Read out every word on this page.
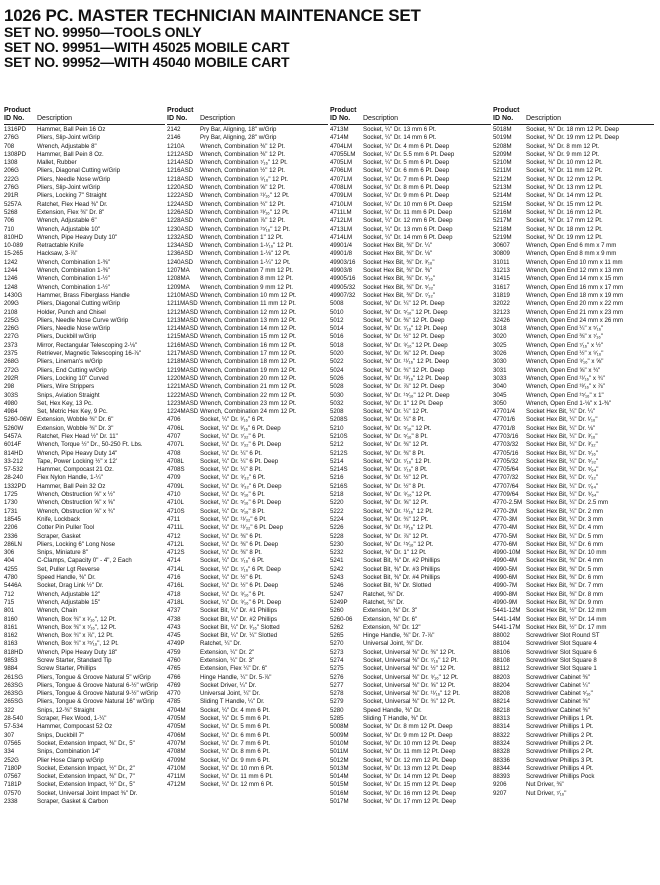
1026 PC. MASTER TECHNICIAN MAINTENANCE SET
SET NO. 99950—TOOLS ONLY
SET NO. 99951—WITH 45025 MOBILE CART
SET NO. 99952—WITH 45040 MOBILE CART
Product ID No.	Description
1316PD	Hammer, Ball Pein 16 Oz
276G	Pliers, Slip-Joint w/Grip
708	Wrench, Adjustable 8"
1308PD	Hammer, Ball Pein 8 Oz.
1308	Mallet, Rubber
206G	Pliers, Diagonal Cutting w/Grip
222G	Pliers, Needle Nose w/Grip
276G	Pliers, Slip-Joint w/Grip
291R	Pliers, Locking 7" Straight
5257A	Ratchet, Flex Head ⅜" Dr.
5268	Extension, Flex ⅜" Dr. 8"
706	Wrench, Adjustable 6"
710	Wrench, Adjustable 10"
810HD	Wrench, Pipe Heavy Duty 10"
10-089	Retractable Knife
15-265	Hacksaw, 3-⅞"
1242	Wrench, Combination 1-⅜"
1244	Wrench, Combination 1-⅜"
1246	Wrench, Combination 1-½"
1248	Wrench, Combination 1-½"
1430G	Hammer, Brass Fiberglass Handle
209G	Pliers, Diagonal Cutting w/Grip
2108	Holder, Punch and Chisel
225G	Pliers, Needle Nose Curve w/Grip
226G	Pliers, Needle Nose w/Grip
227G	Pliers, Duckbill w/Grip
2373	Mirror, Rectangular Telescoping 2-⅛"
2375	Retriever, Magnetic Telescoping 16-⅞"
268G	Pliers, Lineman's w/Grip
272G	Pliers, End Cutting w/Grip
292R	Pliers, Locking 10" Curved
298	Pliers, Wire Strippers
303S	Snips, Aviation Straight
4980	Set, Hex Key, 13 Pc.
4984	Set, Metric Hex Key, 9 Pc.
5260-06W Extension, Wobble ⅜" Dr. 6"
5260W	Extension, Wobble ⅜" Dr. 3"
5457A	Ratchet, Flex Head ½" Dr. 11"
6014F	Wrench, Torque ½" Dr., 50-250 Ft. Lbs.
814HD	Wrench, Pipe Heavy Duty 14"
33-212	Tape, Power Locking ½" x 12'
57-532	Hammer, Compocast 21 Oz.
28-240	Flex Nylon Handle, 1-¼"
1332PD	Hammer, Ball Pein 32 Oz
1725	Wrench, Obstruction ⅝" x ½"
1730	Wrench, Obstruction ⅝" x ⅝"
1731	Wrench, Obstruction ⅝" x ¾"
18545	Knife, Lockback
2206	Cotter Pin Puller Tool
2336	Scraper, Gasket
286LN	Pliers, Locking 6" Long Nose
306	Snips, Miniature 8"
404	C-Clamps, Capacity 0" - 4", 2 Each
4255	Set, Puller Lgt Reverse
4780	Speed Handle, ⅜" Dr.
5446A	Socket, Drag Link ½" Dr.
712	Wrench, Adjustable 12"
715	Wrench, Adjustable 15"
801	Wrench, Chain
8160	Wrench, Box ⅜" x ¹⁄₁₆", 12 Pt.
8161	Wrench, Box ⅜" x ⁷⁄₁₆", 12 Pt.
8162	Wrench, Box ¾" x ⅞", 12 Pt.
8163	Wrench, Box ¾" x ¹⁵⁄₁₆", 12 Pt.
818HD	Wrench, Pipe Heavy Duty 18"
9853	Screw Starter, Standard Tip
9884	Screw Starter, Phillips
261SG	Pliers, Tongue & Groove Natural 5" w/Grip
263SG	Pliers, Tongue & Groove Natural 6-½" w/Grip
263SG	Pliers, Tongue & Groove Natural 9-½" w/Grip
265SG	Pliers, Tongue & Groove Natural 16" w/Grip
322	Snips, 12-⅜" Straight
28-540	Scraper, Flex Wood, 1-¼"
57-534	Hammer, Compocast 52 Oz
307	Snips, Duckbill 7"
07565	Socket, Extension Impact, ⅜" Dr., 5"
334	Snips, Combination 14"
252G	Plier Hose Clamp w/Grip
7180P	Socket, Extension Impact, ½" Dr., 2"
07567	Socket, Extension Impact, ⅜" Dr., 7"
7181P	Socket, Extension Impact, ½" Dr., 5"
07570	Socket, Universal Joint Impact ⅜" Dr.
2338	Scraper, Gasket & Carbon
Product ID No.	Description
2142	Pry Bar, Aligning, 18" w/Grip
2146	Pry Bar, Aligning, 28" w/Grip
1210A	Wrench, Combination ⅜" 12 Pt.
1212ASD	Wrench, Combination ⅜" 12 Pt.
1214ASD	Wrench, Combination ⁷⁄₁₆" 12 Pt.
1216ASD	Wrench, Combination ½" 12 Pt.
1218ASD	Wrench, Combination ⁹⁄₁₆" 12 Pt.
1220ASD	Wrench, Combination ⅝" 12 Pt.
1222ASD	Wrench, Combination ¹¹⁄₁₆" 12 Pt.
1224ASD	Wrench, Combination ¾" 12 Pt.
1226ASD	Wrench, Combination ¹³⁄₁₆" 12 Pt.
1228ASD	Wrench, Combination ⅞" 12 Pt.
1230ASD	Wrench, Combination ¹⁵⁄₁₆" 12 Pt.
1232ASD	Wrench, Combination 1" 12 Pt.
1234ASD	Wrench, Combination 1-¹⁄₁₆" 12 Pt.
1236ASD	Wrench, Combination 1-⅛" 12 Pt.
1240ASD	Wrench, Combination 1-¼" 12 Pt.
1207MA	Wrench, Combination 7 mm 12 Pt.
1208MA	Wrench, Combination 8 mm 12 Pt.
1209MA	Wrench, Combination 9 mm 12 Pt.
1210MASD Wrench, Combination 10 mm 12 Pt.
1211MASD Wrench, Combination 11 mm 12 Pt.
1212MASD Wrench, Combination 12 mm 12 Pt.
1213MASD Wrench, Combination 13 mm 12 Pt.
1214MASD Wrench, Combination 14 mm 12 Pt.
1215MASD Wrench, Combination 15 mm 12 Pt.
1216MASD Wrench, Combination 16 mm 12 Pt.
1217MASD Wrench, Combination 17 mm 12 Pt.
1218MASD Wrench, Combination 18 mm 12 Pt.
1219MASD Wrench, Combination 19 mm 12 Pt.
1220MASD Wrench, Combination 20 mm 12 Pt.
1221MASD Wrench, Combination 21 mm 12 Pt.
1222MASD Wrench, Combination 22 mm 12 Pt.
1223MASD Wrench, Combination 23 mm 12 Pt.
1224MASD Wrench, Combination 24 mm 12 Pt.
4706	Socket, ¼" Dr. ³⁄₁₆" 6 Pt.
4706L	Socket, ¼" Dr. ³⁄₁₆" 6 Pt. Deep
4707	Socket, ¼" Dr. ⁷⁄₃₂" 6 Pt.
4707L	Socket, ¼" Dr. ⁷⁄₃₂" 6 Pt. Deep
4708	Socket, ¼" Dr. ¼" 6 Pt.
4708L	Socket, ¼" Dr. ¼" 6 Pt. Deep
4708S	Socket, ¼" Dr. ¼" 8 Pt.
4709	Socket, ¼" Dr. ⁹⁄₃₂" 6 Pt.
4709L	Socket, ¼" Dr. ⁹⁄₃₂" 6 Pt. Deep
4710	Socket, ¼" Dr. ⁵⁄₁₆" 6 Pt.
4710L	Socket, ¼" Dr. ⁵⁄₁₆" 6 Pt. Deep
4710S	Socket, ¼" Dr. ⁵⁄₁₆" 8 Pt.
4711	Socket, ¼" Dr. ¹¹⁄₃₂" 6 Pt.
4711L	Socket, ¼" Dr. ¹¹⁄₃₂" 6 Pt. Deep
4712	Socket, ¼" Dr. ⅜" 6 Pt.
4712L	Socket, ¼" Dr. ⅜" 6 Pt. Deep
4712S	Socket, ¼" Dr. ⅜" 8 Pt.
4714	Socket, ¼" Dr. ⁷⁄₁₆" 6 Pt.
4714L	Socket, ¼" Dr. ⁷⁄₁₆" 6 Pt. Deep
4716	Socket, ¼" Dr. ½" 6 Pt.
4716L	Socket, ¼" Dr. ½" 6 Pt. Deep
4718	Socket, ¼" Dr. ⁹⁄₁₆" 6 Pt.
4718L	Socket, ¼" Dr. ⁹⁄₁₆" 6 Pt. Deep
4737	Socket Bit, ¼" Dr. #1 Phillips
4738	Socket Bit, ¼" Dr. #2 Phillips
4743	Socket Bit, ¼" Dr. ³⁄₁₆" Slotted
4745	Socket Bit, ¼" Dr. ¼" Slotted
4749P	Ratchet, ¼" Dr.
4759	Extension, ¼" Dr. 2"
4760	Extension, ¼" Dr. 3"
4765	Extension, Flex ¼" Dr. 6"
4766	Hinge Handle, ¼" Dr. 5-⅞"
4769	Socket Driver, ¼" Dr.
4770	Universal Joint, ¼" Dr.
4785	Sliding T Handle, ¼" Dr.
4704M	Socket, ¼" Dr. 4 mm 6 Pt.
4705M	Socket, ¼" Dr. 5 mm 6 Pt.
4705M	Socket, ¼" Dr. 5 mm 6 Pt.
4706M	Socket, ¼" Dr. 6 mm 6 Pt.
4707M	Socket, ¼" Dr. 7 mm 6 Pt.
4708M	Socket, ¼" Dr. 8 mm 6 Pt.
4709M	Socket, ¼" Dr. 9 mm 6 Pt.
4710M	Socket, ¼" Dr. 10 mm 6 Pt.
4711M	Socket, ¼" Dr. 11 mm 6 Pt.
4712M	Socket, ¼" Dr. 12 mm 6 Pt.
Product ID No.	Description
4713M	Socket, ¼" Dr. 13 mm 6 Pt.
4714M	Socket, ¼" Dr. 14 mm 6 Pt.
4704LM	Socket, ¼" Dr. 4 mm 6 Pt. Deep
47055LM	Socket, ¼" Dr. 5.5 mm 6 Pt. Deep
4705LM	Socket, ¼" Dr. 5 mm 6 Pt. Deep
4706LM	Socket, ¼" Dr. 6 mm 6 Pt. Deep
4707LM	Socket, ¼" Dr. 7 mm 6 Pt. Deep
4708LM	Socket, ¼" Dr. 8 mm 6 Pt. Deep
4709LM	Socket, ¼" Dr. 9 mm 6 Pt. Deep
4710LM	Socket, ¼" Dr. 10 mm 6 Pt. Deep
4711LM	Socket, ¼" Dr. 11 mm 6 Pt. Deep
4712LM	Socket, ¼" Dr. 12 mm 6 Pt. Deep
4713LM	Socket, ¼" Dr. 13 mm 6 Pt. Deep
4714LM	Socket, ¼" Dr. 14 mm 6 Pt. Deep
49901/4	Socket Hex Bit, ⅜" Dr. ¼"
49901/8	Socket Hex Bit, ⅜" Dr. ⅛"
49903/16	Socket Hex Bit, ⅜" Dr. ³⁄₁₆"
49903/8	Socket Hex Bit, ⅜" Dr. ⅜"
49905/16	Socket Hex Bit, ⅜" Dr. ⁵⁄₁₆"
49905/32	Socket Hex Bit, ⅜" Dr. ⁵⁄₃₂"
49907/32	Socket Hex Bit, ⅜" Dr. ⁷⁄₃₂"
5008	Socket, ⅜" Dr. ¼" 12 Pt. Deep
5010	Socket, ⅜" Dr. ⁵⁄₁₆" 12 Pt. Deep
5012	Socket, ⅜" Dr. ⅜" 12 Pt. Deep
5014	Socket, ⅜" Dr. ⁷⁄₁₆" 12 Pt. Deep
5016	Socket, ⅜" Dr. ½" 12 Pt. Deep
5018	Socket, ⅜" Dr. ⁹⁄₁₆" 12 Pt. Deep
5020	Socket, ⅜" Dr. ⅝" 12 Pt. Deep
5022	Socket, ⅜" Dr. ¹¹⁄₁₆" 12 Pt. Deep
5024	Socket, ⅜" Dr. ¾" 12 Pt. Deep
5026	Socket, ⅜" Dr. ¹³⁄₁₆" 12 Pt. Deep
5028	Socket, ⅜" Dr. ⅞" 12 Pt. Deep
5030	Socket, ⅜" Dr. ¹⁵⁄₁₆" 12 Pt. Deep
5032	Socket, ⅜" Dr. 1" 12 Pt. Deep
5208	Socket, ⅜" Dr. ¼" 12 Pt.
5208S	Socket, ⅜" Dr. ¼" 8 Pt.
5210	Socket, ⅜" Dr. ⁵⁄₁₆" 12 Pt.
5210S	Socket, ⅜" Dr. ⁵⁄₁₆" 8 Pt.
5212	Socket, ⅜" Dr. ⅜" 12 Pt.
5212S	Socket, ⅜" Dr. ⅜" 8 Pt.
5214	Socket, ⅜" Dr. ⁷⁄₁₆" 12 Pt.
5214S	Socket, ⅜" Dr. ⁷⁄₁₆" 8 Pt.
5216	Socket, ⅜" Dr. ½" 12 Pt.
5216S	Socket, ⅜" Dr. ½" 8 Pt.
5218	Socket, ⅜" Dr. ⁹⁄₁₆" 12 Pt.
5220	Socket, ⅜" Dr. ⅝" 12 Pt.
5222	Socket, ⅜" Dr. ¹¹⁄₁₆" 12 Pt.
5224	Socket, ⅜" Dr. ¾" 12 Pt.
5226	Socket, ⅜" Dr. ¹³⁄₁₆" 12 Pt.
5228	Socket, ⅜" Dr. ⅞" 12 Pt.
5230	Socket, ⅜" Dr. ¹⁵⁄₁₆" 12 Pt.
5232	Socket, ⅜" Dr. 1" 12 Pt.
5241	Socket Bit, ⅜" Dr. #2 Phillips
5242	Socket Bit, ⅜" Dr. #3 Phillips
5243	Socket Bit, ⅜" Dr. #4 Phillips
5246	Socket Bit, ⅜" Dr. Slotted
5247	Ratchet, ⅜" Dr.
5249P	Ratchet, ⅜" Dr.
5260	Extension, ⅜" Dr. 3"
5260-06	Extension, ⅜" Dr. 6"
5262	Extension, ⅜" Dr. 12"
5265	Hinge Handle, ⅜" Dr. 7-⅞"
5270	Universal Joint, ⅜" Dr.
5273	Socket, Universal ⅜" Dr. ⅜" 12 Pt.
5274	Socket, Universal ⅜" Dr. ⁷⁄₁₆" 12 Pt.
5275	Socket, Universal ⅜" Dr. ½" 12 Pt.
5276	Socket, Universal ⅜" Dr. ⁹⁄₁₆" 12 Pt.
5277	Socket, Universal ⅜" Dr. ⅝" 12 Pt.
5278	Socket, Universal ⅜" Dr. ¹¹⁄₁₆" 12 Pt.
5279	Socket, Universal ⅜" Dr. ¾" 12 Pt.
5280	Speed Handle, ⅜" Dr.
5285	Sliding T Handle, ⅜" Dr.
5008M	Socket, ⅜" Dr. 8 mm 12 Pt. Deep
5009M	Socket, ⅜" Dr. 9 mm 12 Pt. Deep
5010M	Socket, ⅜" Dr. 10 mm 12 Pt. Deep
5011M	Socket, ⅜" Dr. 11 mm 12 Pt. Deep
5012M	Socket, ⅜" Dr. 12 mm 12 Pt. Deep
5013M	Socket, ⅜" Dr. 13 mm 12 Pt. Deep
5014M	Socket, ⅜" Dr. 14 mm 12 Pt. Deep
5015M	Socket, ⅜" Dr. 15 mm 12 Pt. Deep
5016M	Socket, ⅜" Dr. 16 mm 12 Pt. Deep
5017M	Socket, ⅜" Dr. 17 mm 12 Pt. Deep
Product ID No.	Description
5018M	Socket, ⅜" Dr. 18 mm 12 Pt. Deep
5019M	Socket, ⅜" Dr. 19 mm 12 Pt. Deep
5208M	Socket, ⅜" Dr. 8 mm 12 Pt.
5209M	Socket, ⅜" Dr. 9 mm 12 Pt.
5210M	Socket, ⅜" Dr. 10 mm 12 Pt.
5211M	Socket, ⅜" Dr. 11 mm 12 Pt.
5212M	Socket, ⅜" Dr. 12 mm 12 Pt.
5213M	Socket, ⅜" Dr. 13 mm 12 Pt.
5214M	Socket, ⅜" Dr. 14 mm 12 Pt.
5215M	Socket, ⅜" Dr. 15 mm 12 Pt.
5216M	Socket, ⅜" Dr. 16 mm 12 Pt.
5217M	Socket, ⅜" Dr. 17 mm 12 Pt.
5218M	Socket, ⅜" Dr. 18 mm 12 Pt.
5219M	Socket, ⅜" Dr. 19 mm 12 Pt.
30607	Wrench, Open End 6 mm x 7 mm
30809	Wrench, Open End 8 mm x 9 mm
31011	Wrench, Open End 10 mm x 11 mm
31213	Wrench, Open End 12 mm x 13 mm
31415	Wrench, Open End 14 mm x 15 mm
31617	Wrench, Open End 16 mm x 17 mm
31819	Wrench, Open End 18 mm x 19 mm
32022	Wrench, Open End 20 mm x 22 mm
32123	Wrench, Open End 21 mm x 23 mm
32426	Wrench, Open End 24 mm x 26 mm
3018	Wrench, Open End ¼" x ⁵⁄₁₆"
3020	Wrench, Open End ⅜" x ⁷⁄₁₆"
3025	Wrench, Open End ⁷⁄₁₆" x ½"
3026	Wrench, Open End ½" x ⁹⁄₁₆"
3030	Wrench, Open End ⁹⁄₁₆" x ⅝"
3031	Wrench, Open End ⅝" x ¾"
3033	Wrench, Open End ¹¹⁄₁₆" x ¾"
3040	Wrench, Open End ¹³⁄₁₆" x ⅞"
3045	Wrench, Open End ¹⁵⁄₁₆" x 1"
3050	Wrench, Open End 1-⅛" x 1-⅜"
47701/4	Socket Hex Bit, ¼" Dr. ¼"
47701/6	Socket Hex Bit, ¼" Dr. ¹⁄₁₆"
47701/8	Socket Hex Bit, ¼" Dr. ⅛"
47703/16	Socket Hex Bit, ¼" Dr. ³⁄₁₆"
47703/32	Socket Hex Bit, ¼" Dr. ³⁄₃₂"
47705/16	Socket Hex Bit, ¼" Dr. ⁵⁄₁₆"
47705/32	Socket Hex Bit, ¼" Dr. ⁵⁄₃₂"
47705/64	Socket Hex Bit, ¼" Dr. ⁵⁄₆₄"
47707/32	Socket Hex Bit, ¼" Dr. ⁷⁄₃₂"
47707/64	Socket Hex Bit, ¼" Dr. ⁷⁄₆₄"
47709/64	Socket Hex Bit, ¼" Dr. ⁹⁄₆₄"
4770-2.5M Socket Hex Bit, ¼" Dr. 2.5 mm
4770-2M	Socket Hex Bit, ¼" Dr. 2 mm
4770-3M	Socket Hex Bit, ¼" Dr. 3 mm
4770-4M	Socket Hex Bit, ¼" Dr. 4 mm
4770-5M	Socket Hex Bit, ¼" Dr. 5 mm
4770-6M	Socket Hex Bit, ¼" Dr. 6 mm
4990-10M Socket Hex Bit, ⅜" Dr. 10 mm
4990-4M	Socket Hex Bit, ⅜" Dr. 4 mm
4990-5M	Socket Hex Bit, ⅜" Dr. 5 mm
4990-6M	Socket Hex Bit, ⅜" Dr. 6 mm
4990-7M	Socket Hex Bit, ⅜" Dr. 7 mm
4990-8M	Socket Hex Bit, ⅜" Dr. 8 mm
4990-9M	Socket Hex Bit, ⅜" Dr. 9 mm
5441-12M Socket Hex Bit, ½" Dr. 12 mm
5441-14M Socket Hex Bit, ½" Dr. 14 mm
5441-17M Socket Hex Bit, ½" Dr. 17 mm
88002	Screwdriver Slot Round ST
88104	Screwdriver Slot Square 4
88106	Screwdriver Slot Square 6
88108	Screwdriver Slot Square 8
88112	Screwdriver Slot Square 1
88203	Screwdriver Cabinet ⅜"
88204	Screwdriver Cabinet ¼"
88208	Screwdriver Cabinet ⁵⁄₁₆"
88214	Screwdriver Cabinet ⅜"
88218	Screwdriver Cabinet ⅜"
88313	Screwdriver Phillips 1 Pt.
88314	Screwdriver Phillips 1 Pt.
88322	Screwdriver Phillips 2 Pt.
88324	Screwdriver Phillips 2 Pt.
88328	Screwdriver Phillips 2 Pt.
88336	Screwdriver Phillips 3 Pt.
88344	Screwdriver Phillips 4 Pt.
88393	Screwdriver Phillips Pock
9206	Nut Driver, ⅜"
9207	Nut Driver, ⁷⁄₁₆"
